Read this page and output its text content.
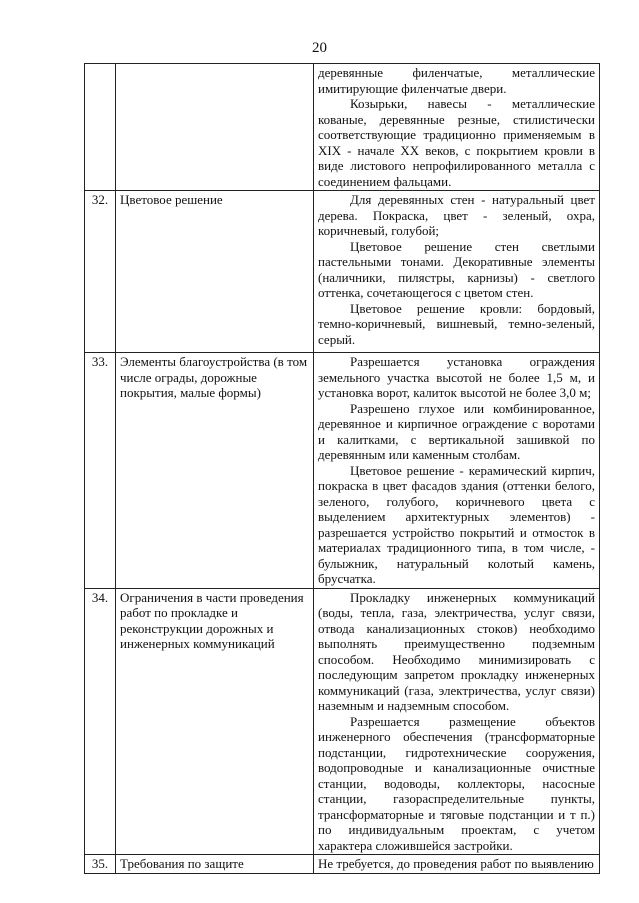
20

		деревянные филенчатые, металлические имитирующие филенчатые двери.

Козырьки, навесы - металлические кованые, деревянные резные, стилистически соответствующие традиционно применяемым в XIX - начале XX веков, с покрытием кровли в виде листового непрофилированного металла с соединением фальцами.

32.	Цветовое решение	Для деревянных стен - натуральный цвет дерева. Покраска, цвет - зеленый, охра, коричневый, голубой;

Цветовое решение стен светлыми пастельными тонами. Декоративные элементы (наличники, пилястры, карнизы) - светлого оттенка, сочетающегося с цветом стен.

Цветовое решение кровли: бордовый, темно-коричневый, вишневый, темно-зеленый, серый.

33.	Элементы благоустройства (в том числе ограды, дорожные покрытия, малые формы)	Разрешается установка ограждения земельного участка высотой не более 1,5 м, и установка ворот, калиток высотой не более 3,0 м;

Разрешено глухое или комбинированное, деревянное и кирпичное ограждение с воротами и калитками, с вертикальной зашивкой по деревянным или каменным столбам.

Цветовое решение - керамический кирпич, покраска в цвет фасадов здания (оттенки белого, зеленого, голубого, коричневого цвета с выделением архитектурных элементов) - разрешается устройство покрытий и отмосток в материалах традиционного типа, в том числе, - булыжник, натуральный колотый камень, брусчатка.

34.	Ограничения в части проведения работ по прокладке и реконструкции дорожных и инженерных коммуникаций	Прокладку инженерных коммуникаций (воды, тепла, газа, электричества, услуг связи, отвода канализационных стоков) необходимо выполнять преимущественно подземным способом. Необходимо минимизировать с последующим запретом прокладку инженерных коммуникаций (газа, электричества, услуг связи) наземным и надземным способом.

Разрешается размещение объектов инженерного обеспечения (трансформаторные подстанции, гидротехнические сооружения, водопроводные и канализационные очистные станции, водоводы, коллекторы, насосные станции, газораспределительные пункты, трансформаторные и тяговые подстанции и т п.) по индивидуальным проектам, с учетом характера сложившейся застройки.

35.	Требования по защите	Не требуется, до проведения работ по выявлению
